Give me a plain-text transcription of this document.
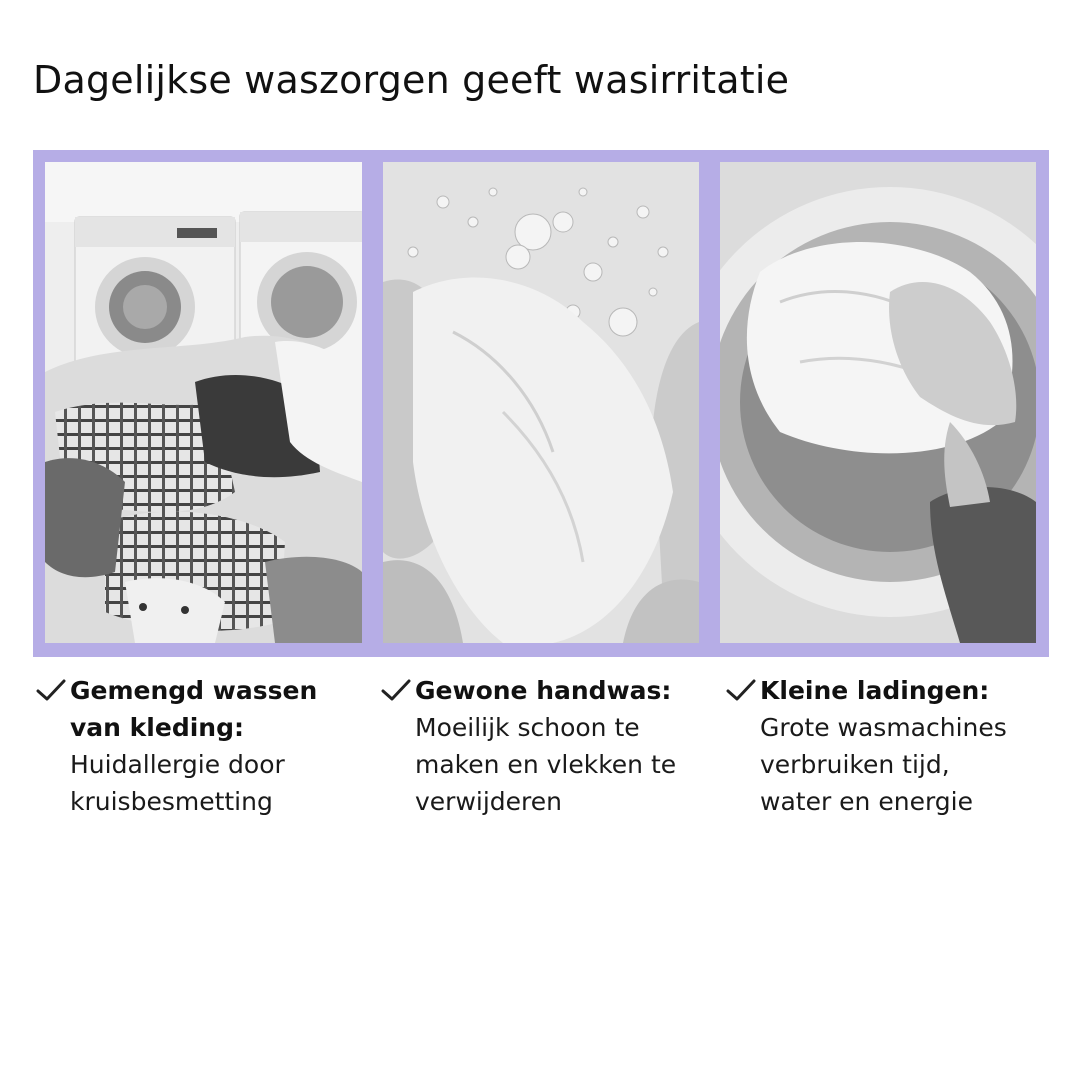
Dagelijkse waszorgen geeft wasirritatie
Gemengd wassen van kleding: Huidallergie door kruisbesmetting
Gewone handwas: Moeilijk schoon te maken en vlekken te verwijderen
Kleine ladingen: Grote wasmachines verbruiken tijd, water en energie
